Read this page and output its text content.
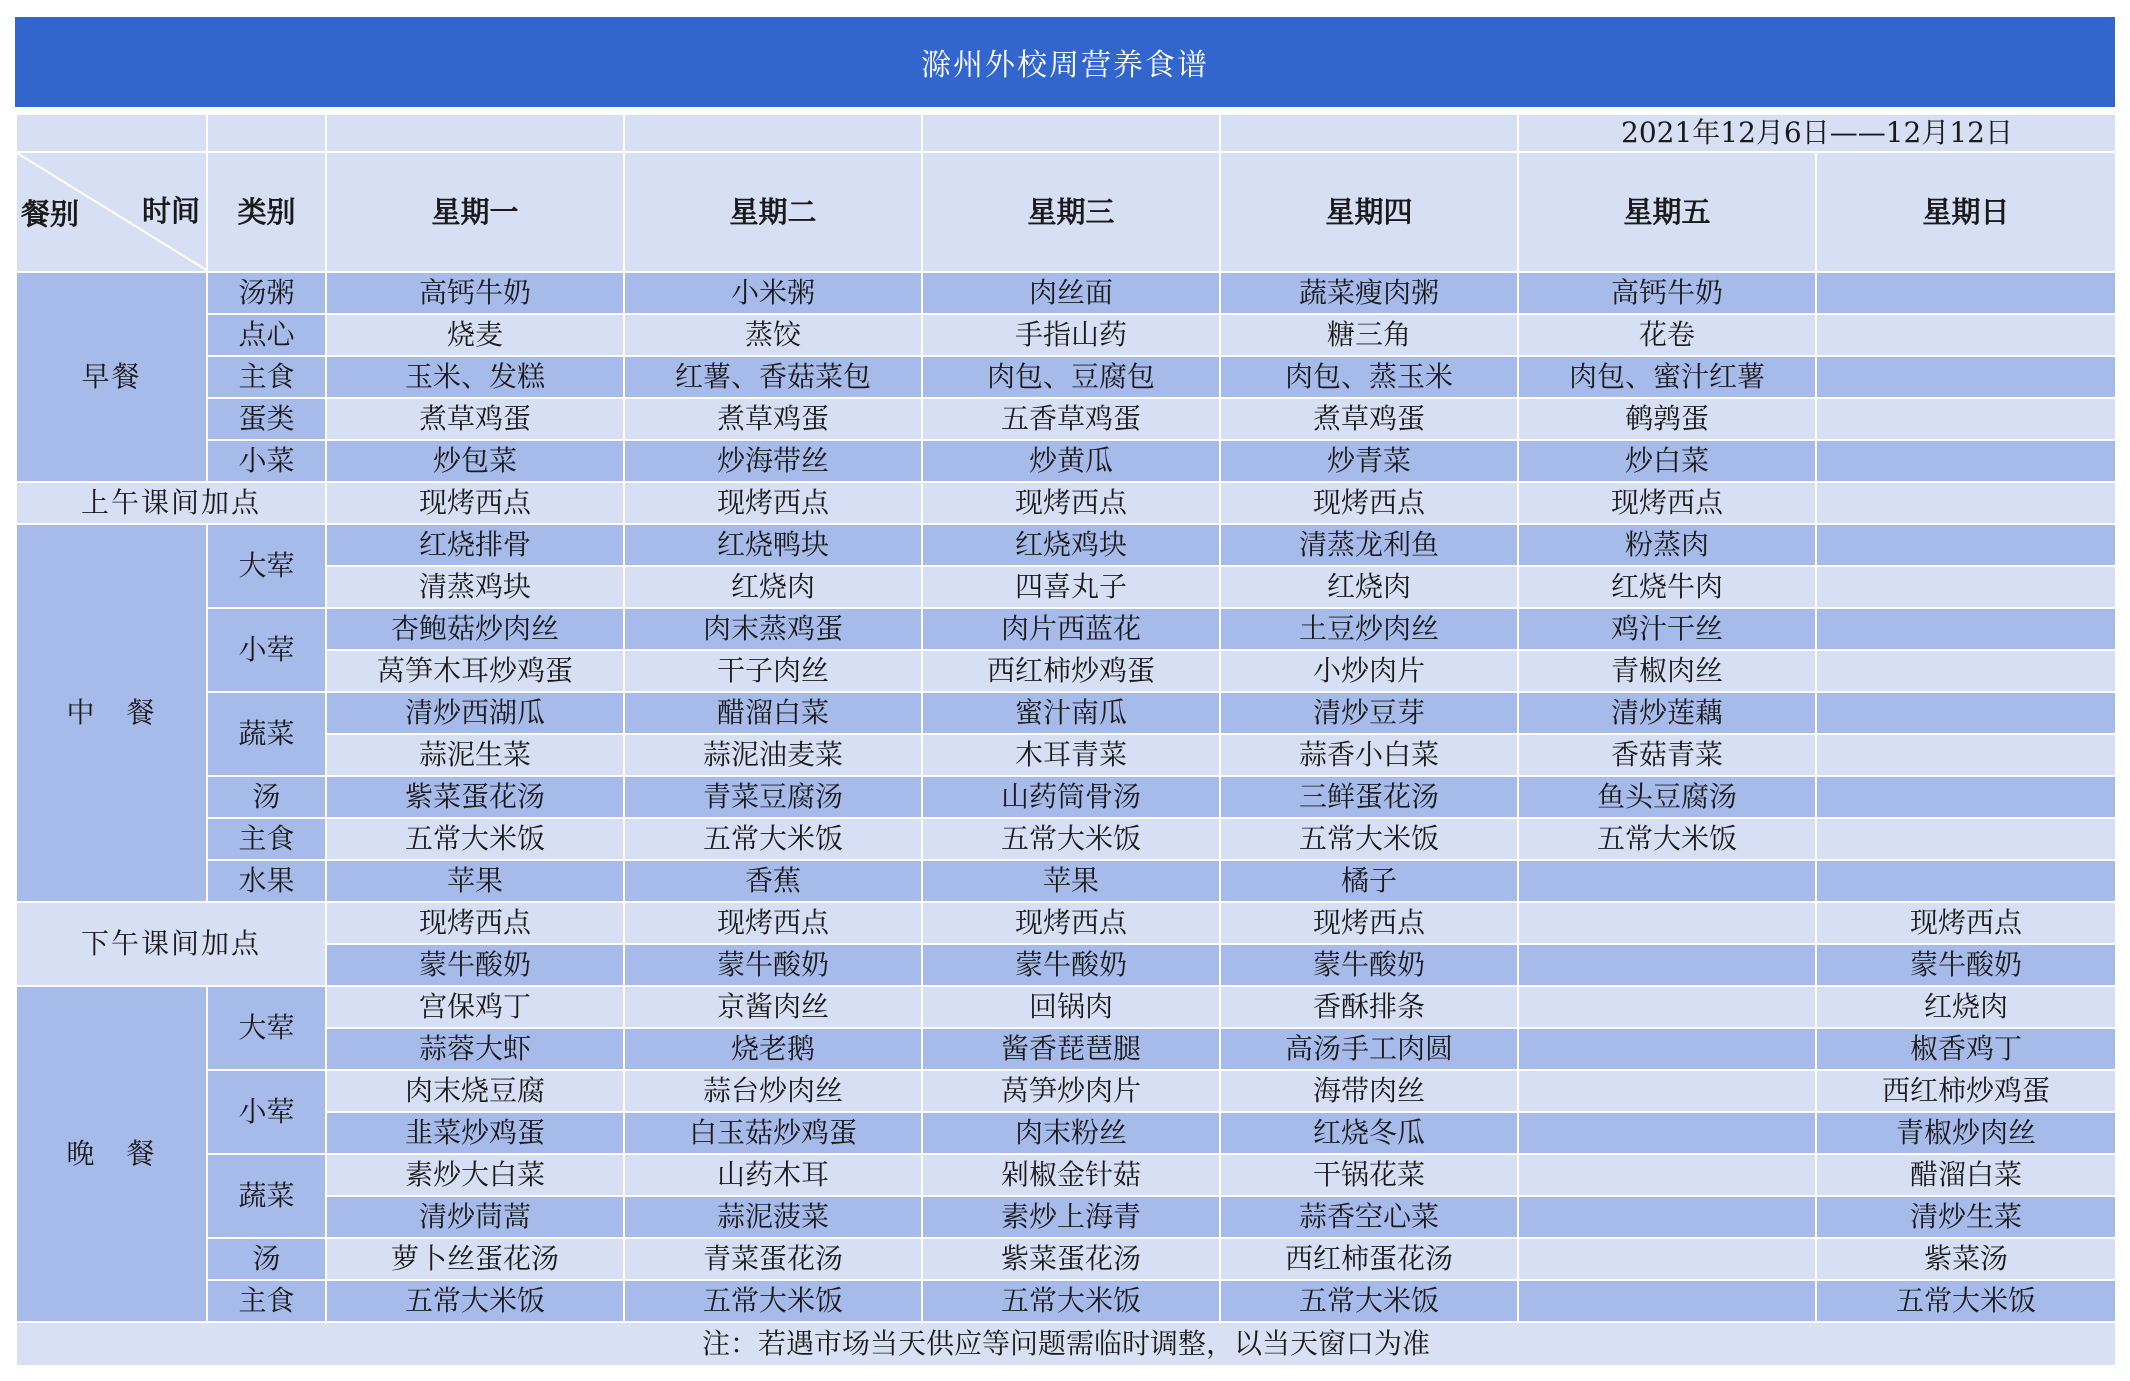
滁州外校周营养食谱
						2021年12月6日——12月12日	

餐别 时间	类别	星期一	星期二	星期三	星期四	星期五	星期日
早餐	汤粥	高钙牛奶	小米粥	肉丝面	蔬菜瘦肉粥	高钙牛奶	
	点心	烧麦	蒸饺	手指山药	糖三角	花卷	
	主食	玉米、发糕	红薯、香菇菜包	肉包、豆腐包	肉包、蒸玉米	肉包、蜜汁红薯	
	蛋类	煮草鸡蛋	煮草鸡蛋	五香草鸡蛋	煮草鸡蛋	鹌鹑蛋	
	小菜	炒包菜	炒海带丝	炒黄瓜	炒青菜	炒白菜	
上午课间加点		现烤西点	现烤西点	现烤西点	现烤西点	现烤西点	
中　餐	大荤	红烧排骨	红烧鸭块	红烧鸡块	清蒸龙利鱼	粉蒸肉	
		清蒸鸡块	红烧肉	四喜丸子	红烧肉	红烧牛肉	
	小荤	杏鲍菇炒肉丝	肉末蒸鸡蛋	肉片西蓝花	土豆炒肉丝	鸡汁干丝	
		莴笋木耳炒鸡蛋	干子肉丝	西红柿炒鸡蛋	小炒肉片	青椒肉丝	
	蔬菜	清炒西湖瓜	醋溜白菜	蜜汁南瓜	清炒豆芽	清炒莲藕	
		蒜泥生菜	蒜泥油麦菜	木耳青菜	蒜香小白菜	香菇青菜	
	汤	紫菜蛋花汤	青菜豆腐汤	山药筒骨汤	三鲜蛋花汤	鱼头豆腐汤	
	主食	五常大米饭	五常大米饭	五常大米饭	五常大米饭	五常大米饭	
	水果	苹果	香蕉	苹果	橘子		
下午课间加点		现烤西点	现烤西点	现烤西点	现烤西点		现烤西点
		蒙牛酸奶	蒙牛酸奶	蒙牛酸奶	蒙牛酸奶		蒙牛酸奶
晚　餐	大荤	宫保鸡丁	京酱肉丝	回锅肉	香酥排条		红烧肉
		蒜蓉大虾	烧老鹅	酱香琵琶腿	高汤手工肉圆		椒香鸡丁
	小荤	肉末烧豆腐	蒜台炒肉丝	莴笋炒肉片	海带肉丝		西红柿炒鸡蛋
		韭菜炒鸡蛋	白玉菇炒鸡蛋	肉末粉丝	红烧冬瓜		青椒炒肉丝
	蔬菜	素炒大白菜	山药木耳	剁椒金针菇	干锅花菜		醋溜白菜
		清炒茼蒿	蒜泥菠菜	素炒上海青	蒜香空心菜		清炒生菜
	汤	萝卜丝蛋花汤	青菜蛋花汤	紫菜蛋花汤	西红柿蛋花汤		紫菜汤
	主食	五常大米饭	五常大米饭	五常大米饭	五常大米饭		五常大米饭
注：若遇市场当天供应等问题需临时调整，以当天窗口为准							
